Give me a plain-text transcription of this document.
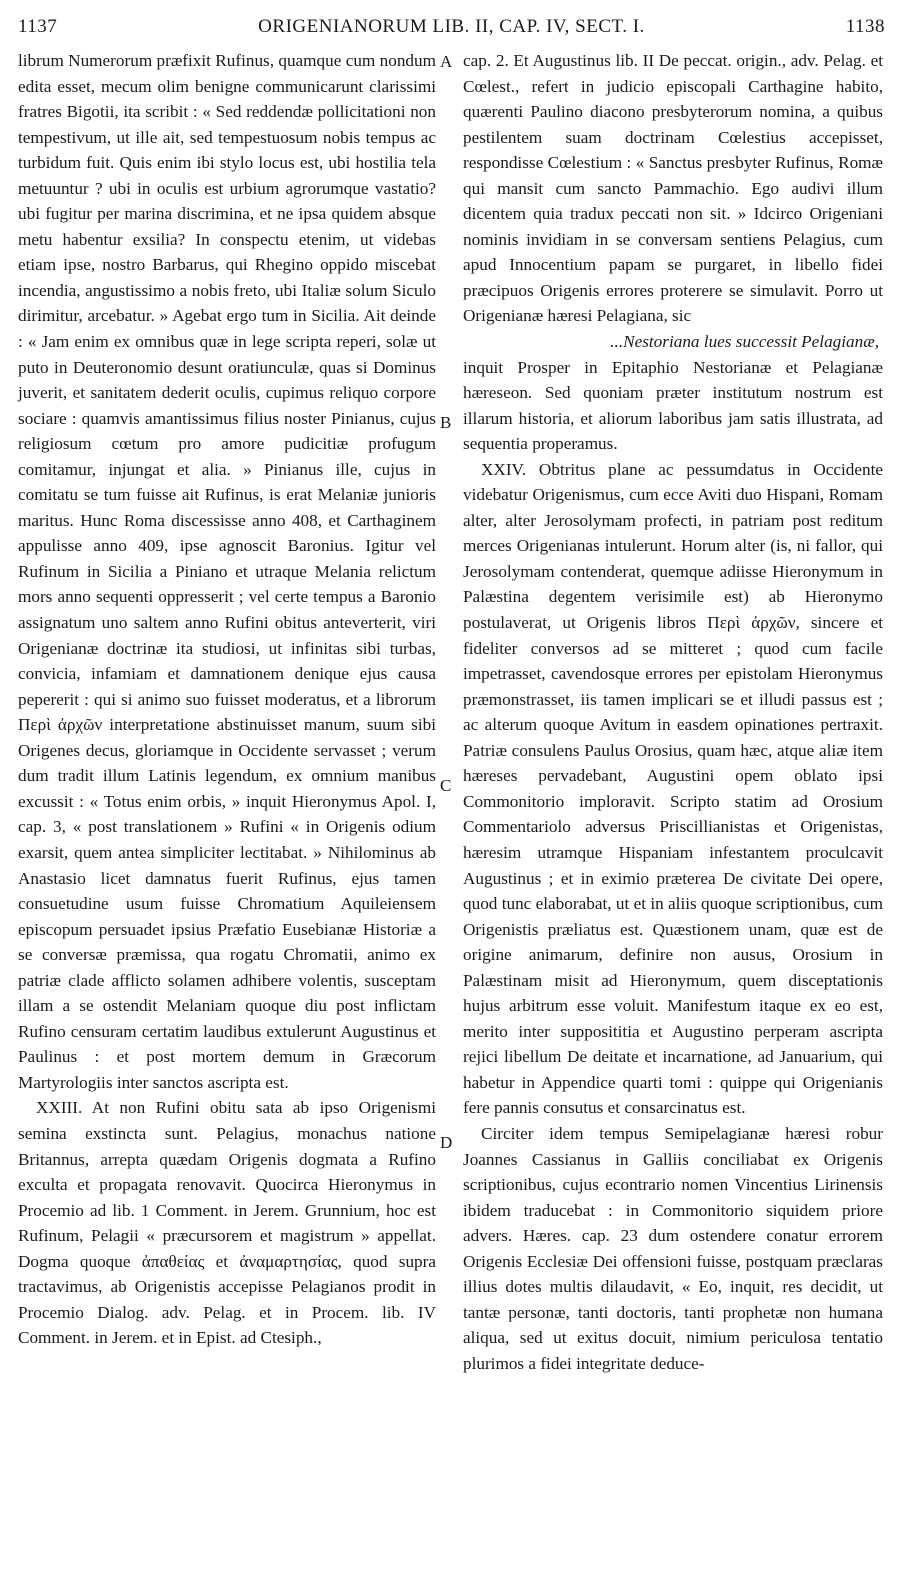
1137	ORIGENIANORUM LIB. II, CAP. IV, SECT. I.	1138
A
B
C
D

librum Numerorum præfixit Rufinus, quamque cum nondum edita esset, mecum olim benigne communicarunt clarissimi fratres Bigotii, ita scribit : « Sed reddendæ pollicitationi non tempestivum, ut ille ait, sed tempestuosum nobis tempus ac turbidum fuit. Quis enim ibi stylo locus est, ubi hostilia tela metuuntur ? ubi in oculis est urbium agrorumque vastatio? ubi fugitur per marina discrimina, et ne ipsa quidem absque metu habentur exsilia? In conspectu etenim, ut videbas etiam ipse, nostro Barbarus, qui Rhegino oppido miscebat incendia, angustissimo a nobis freto, ubi Italiæ solum Siculo dirimitur, arcebatur. » Agebat ergo tum in Sicilia. Ait deinde : « Jam enim ex omnibus quæ in lege scripta reperi, solæ ut puto in Deuteronomio desunt oratiunculæ, quas si Dominus juverit, et sanitatem dederit oculis, cupimus reliquo corpore sociare : quamvis amantissimus filius noster Pinianus, cujus religiosum cœtum pro amore pudicitiæ profugum comitamur, injungat et alia. » Pinianus ille, cujus in comitatu se tum fuisse ait Rufinus, is erat Melaniæ junioris maritus. Hunc Roma discessisse anno 408, et Carthaginem appulisse anno 409, ipse agnoscit Baronius. Igitur vel Rufinum in Sicilia a Piniano et utraque Melania relictum mors anno sequenti oppresserit ; vel certe tempus a Baronio assignatum uno saltem anno Rufini obitus anteverterit, viri Origenianæ doctrinæ ita studiosi, ut infinitas sibi turbas, convicia, infamiam et damnationem denique ejus causa pepererit : qui si animo suo fuisset moderatus, et a librorum Περὶ ἀρχῶν interpretatione abstinuisset manum, suum sibi Origenes decus, gloriamque in Occidente servasset ; verum dum tradit illum Latinis legendum, ex omnium manibus excussit : « Totus enim orbis, » inquit Hieronymus Apol. I, cap. 3, « post translationem » Rufini « in Origenis odium exarsit, quem antea simpliciter lectitabat. » Nihilominus ab Anastasio licet damnatus fuerit Rufinus, ejus tamen consuetudine usum fuisse Chromatium Aquileiensem episcopum persuadet ipsius Præfatio Eusebianæ Historiæ a se conversæ præmissa, qua rogatu Chromatii, animo ex patriæ clade afflicto solamen adhibere volentis, susceptam illam a se ostendit Melaniam quoque diu post inflictam Rufino censuram certatim laudibus extulerunt Augustinus et Paulinus : et post mortem demum in Græcorum Martyrologiis inter sanctos ascripta est.

XXIII. At non Rufini obitu sata ab ipso Origenismi semina exstincta sunt. Pelagius, monachus natione Britannus, arrepta quædam Origenis dogmata a Rufino exculta et propagata renovavit. Quocirca Hieronymus in Procemio ad lib. 1 Comment. in Jerem. Grunnium, hoc est Rufinum, Pelagii « præcursorem et magistrum » appellat. Dogma quoque ἀπαθείας et ἀναμαρτησίας, quod supra tractavimus, ab Origenistis accepisse Pelagianos prodit in Procemio Dialog. adv. Pelag. et in Procem. lib. IV Comment. in Jerem. et in Epist. ad Ctesiph.,

cap. 2. Et Augustinus lib. II De peccat. origin., adv. Pelag. et Cœlest., refert in judicio episcopali Carthagine habito, quærenti Paulino diacono presbyterorum nomina, a quibus pestilentem suam doctrinam Cœlestius accepisset, respondisse Cœlestium : « Sanctus presbyter Rufinus, Romæ qui mansit cum sancto Pammachio. Ego audivi illum dicentem quia tradux peccati non sit. » Idcirco Origeniani nominis invidiam in se conversam sentiens Pelagius, cum apud Innocentium papam se purgaret, in libello fidei præcipuos Origenis errores proterere se simulavit. Porro ut Origenianæ hæresi Pelagiana, sic

...Nestoriana lues successit Pelagianæ,

inquit Prosper in Epitaphio Nestorianæ et Pelagianæ hæreseon. Sed quoniam præter institutum nostrum est illarum historia, et aliorum laboribus jam satis illustrata, ad sequentia properamus.

XXIV. Obtritus plane ac pessumdatus in Occidente videbatur Origenismus, cum ecce Aviti duo Hispani, Romam alter, alter Jerosolymam profecti, in patriam post reditum merces Origenianas intulerunt. Horum alter (is, ni fallor, qui Jerosolymam contenderat, quemque adiisse Hieronymum in Palæstina degentem verisimile est) ab Hieronymo postulaverat, ut Origenis libros Περὶ ἀρχῶν, sincere et fideliter conversos ad se mitteret ; quod cum facile impetrasset, cavendosque errores per epistolam Hieronymus præmonstrasset, iis tamen implicari se et illudi passus est ; ac alterum quoque Avitum in easdem opinationes pertraxit. Patriæ consulens Paulus Orosius, quam hæc, atque aliæ item hæreses pervadebant, Augustini opem oblato ipsi Commonitorio imploravit. Scripto statim ad Orosium Commentariolo adversus Priscillianistas et Origenistas, hæresim utramque Hispaniam infestantem proculcavit Augustinus ; et in eximio præterea De civitate Dei opere, quod tunc elaborabat, ut et in aliis quoque scriptionibus, cum Origenistis præliatus est. Quæstionem unam, quæ est de origine animarum, definire non ausus, Orosium in Palæstinam misit ad Hieronymum, quem disceptationis hujus arbitrum esse voluit. Manifestum itaque ex eo est, merito inter supposititia et Augustino perperam ascripta rejici libellum De deitate et incarnatione, ad Januarium, qui habetur in Appendice quarti tomi : quippe qui Origenianis fere pannis consutus et consarcinatus est.

Circiter idem tempus Semipelagianæ hæresi robur Joannes Cassianus in Galliis conciliabat ex Origenis scriptionibus, cujus econtrario nomen Vincentius Lirinensis ibidem traducebat : in Commonitorio siquidem priore advers. Hæres. cap. 23 dum ostendere conatur errorem Origenis Ecclesiæ Dei offensioni fuisse, postquam præclaras illius dotes multis dilaudavit, « Eo, inquit, res decidit, ut tantæ personæ, tanti doctoris, tanti prophetæ non humana aliqua, sed ut exitus docuit, nimium periculosa tentatio plurimos a fidei integritate deduce-
